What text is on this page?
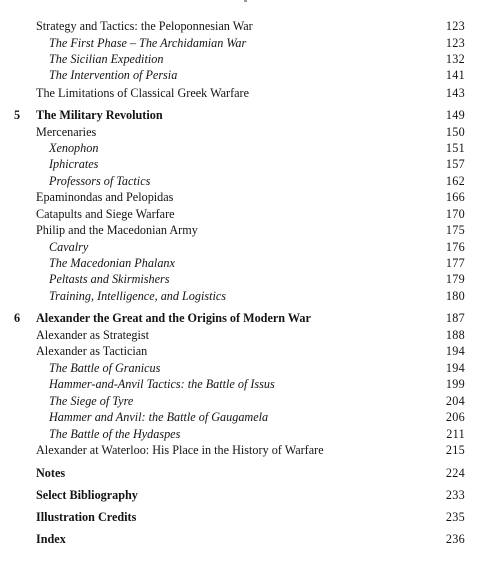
Strategy and Tactics: the Peloponnesian War	123
The First Phase – The Archidamian War	123
The Sicilian Expedition	132
The Intervention of Persia	141
The Limitations of Classical Greek Warfare	143
5 The Military Revolution	149
Mercenaries	150
Xenophon	151
Iphicrates	157
Professors of Tactics	162
Epaminondas and Pelopidas	166
Catapults and Siege Warfare	170
Philip and the Macedonian Army	175
Cavalry	176
The Macedonian Phalanx	177
Peltasts and Skirmishers	179
Training, Intelligence, and Logistics	180
6 Alexander the Great and the Origins of Modern War	187
Alexander as Strategist	188
Alexander as Tactician	194
The Battle of Granicus	194
Hammer-and-Anvil Tactics: the Battle of Issus	199
The Siege of Tyre	204
Hammer and Anvil: the Battle of Gaugamela	206
The Battle of the Hydaspes	211
Alexander at Waterloo: His Place in the History of Warfare	215
Notes	224
Select Bibliography	233
Illustration Credits	235
Index	236
